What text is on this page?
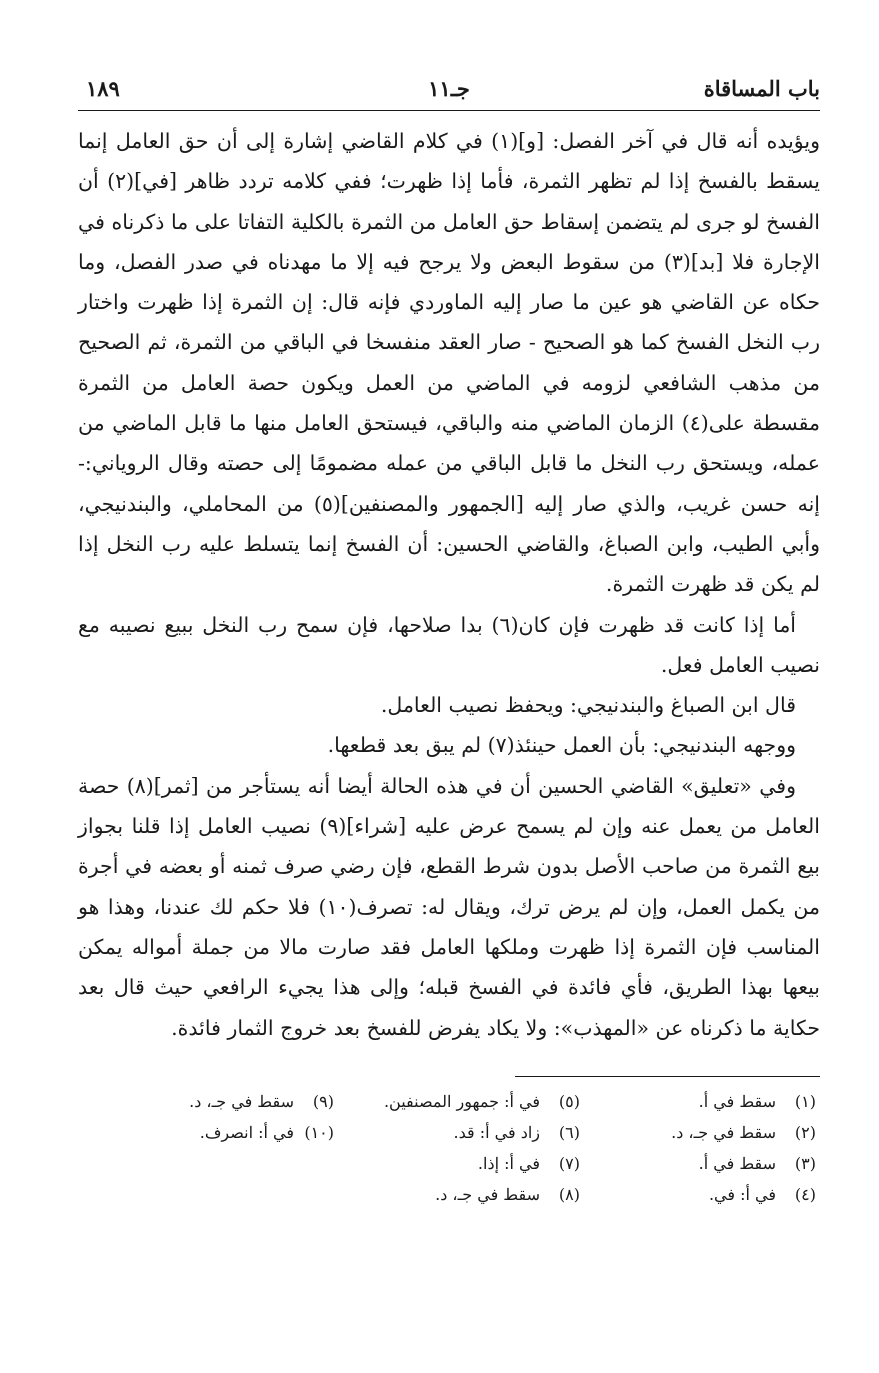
باب المساقاة
جـ١١
١٨٩

ويؤيده أنه قال في آخر الفصل: [و](١) في كلام القاضي إشارة إلى أن حق العامل إنما يسقط بالفسخ إذا لم تظهر الثمرة، فأما إذا ظهرت؛ ففي كلامه تردد ظاهر [في](٢) أن الفسخ لو جرى لم يتضمن إسقاط حق العامل من الثمرة بالكلية التفاتا على ما ذكرناه في الإجارة فلا [بد](٣) من سقوط البعض ولا يرجح فيه إلا ما مهدناه في صدر الفصل، وما حكاه عن القاضي هو عين ما صار إليه الماوردي فإنه قال: إن الثمرة إذا ظهرت واختار رب النخل الفسخ كما هو الصحيح - صار العقد منفسخا في الباقي من الثمرة، ثم الصحيح من مذهب الشافعي لزومه في الماضي من العمل ويكون حصة العامل من الثمرة مقسطة على(٤) الزمان الماضي منه والباقي، فيستحق العامل منها ما قابل الماضي من عمله، ويستحق رب النخل ما قابل الباقي من عمله مضمومًا إلى حصته وقال الروياني:- إنه حسن غريب، والذي صار إليه [الجمهور والمصنفين](٥) من المحاملي، والبندنيجي، وأبي الطيب، وابن الصباغ، والقاضي الحسين: أن الفسخ إنما يتسلط عليه رب النخل إذا لم يكن قد ظهرت الثمرة.

أما إذا كانت قد ظهرت فإن كان(٦) بدا صلاحها، فإن سمح رب النخل ببيع نصيبه مع نصيب العامل فعل.

قال ابن الصباغ والبندنيجي: ويحفظ نصيب العامل.

ووجهه البندنيجي: بأن العمل حينئذ(٧) لم يبق بعد قطعها.

وفي «تعليق» القاضي الحسين أن في هذه الحالة أيضا أنه يستأجر من [ثمر](٨) حصة العامل من يعمل عنه وإن لم يسمح عرض عليه [شراء](٩) نصيب العامل إذا قلنا بجواز بيع الثمرة من صاحب الأصل بدون شرط القطع، فإن رضي صرف ثمنه أو بعضه في أجرة من يكمل العمل، وإن لم يرض ترك، ويقال له: تصرف(١٠) فلا حكم لك عندنا، وهذا هو المناسب فإن الثمرة إذا ظهرت وملكها العامل فقد صارت مالا من جملة أمواله يمكن بيعها بهذا الطريق، فأي فائدة في الفسخ قبله؛ وإلى هذا يجيء الرافعي حيث قال بعد حكاية ما ذكرناه عن «المهذب»: ولا يكاد يفرض للفسخ بعد خروج الثمار فائدة.

(١)سقط في أ.
(٥)في أ: جمهور المصنفين.
(٩)سقط في جـ، د.
(٢)سقط في جـ، د.
(٦)زاد في أ: قد.
(١٠)في أ: انصرف.
(٣)سقط في أ.
(٧)في أ: إذا.
(٤)في أ: في.
(٨)سقط في جـ، د.
